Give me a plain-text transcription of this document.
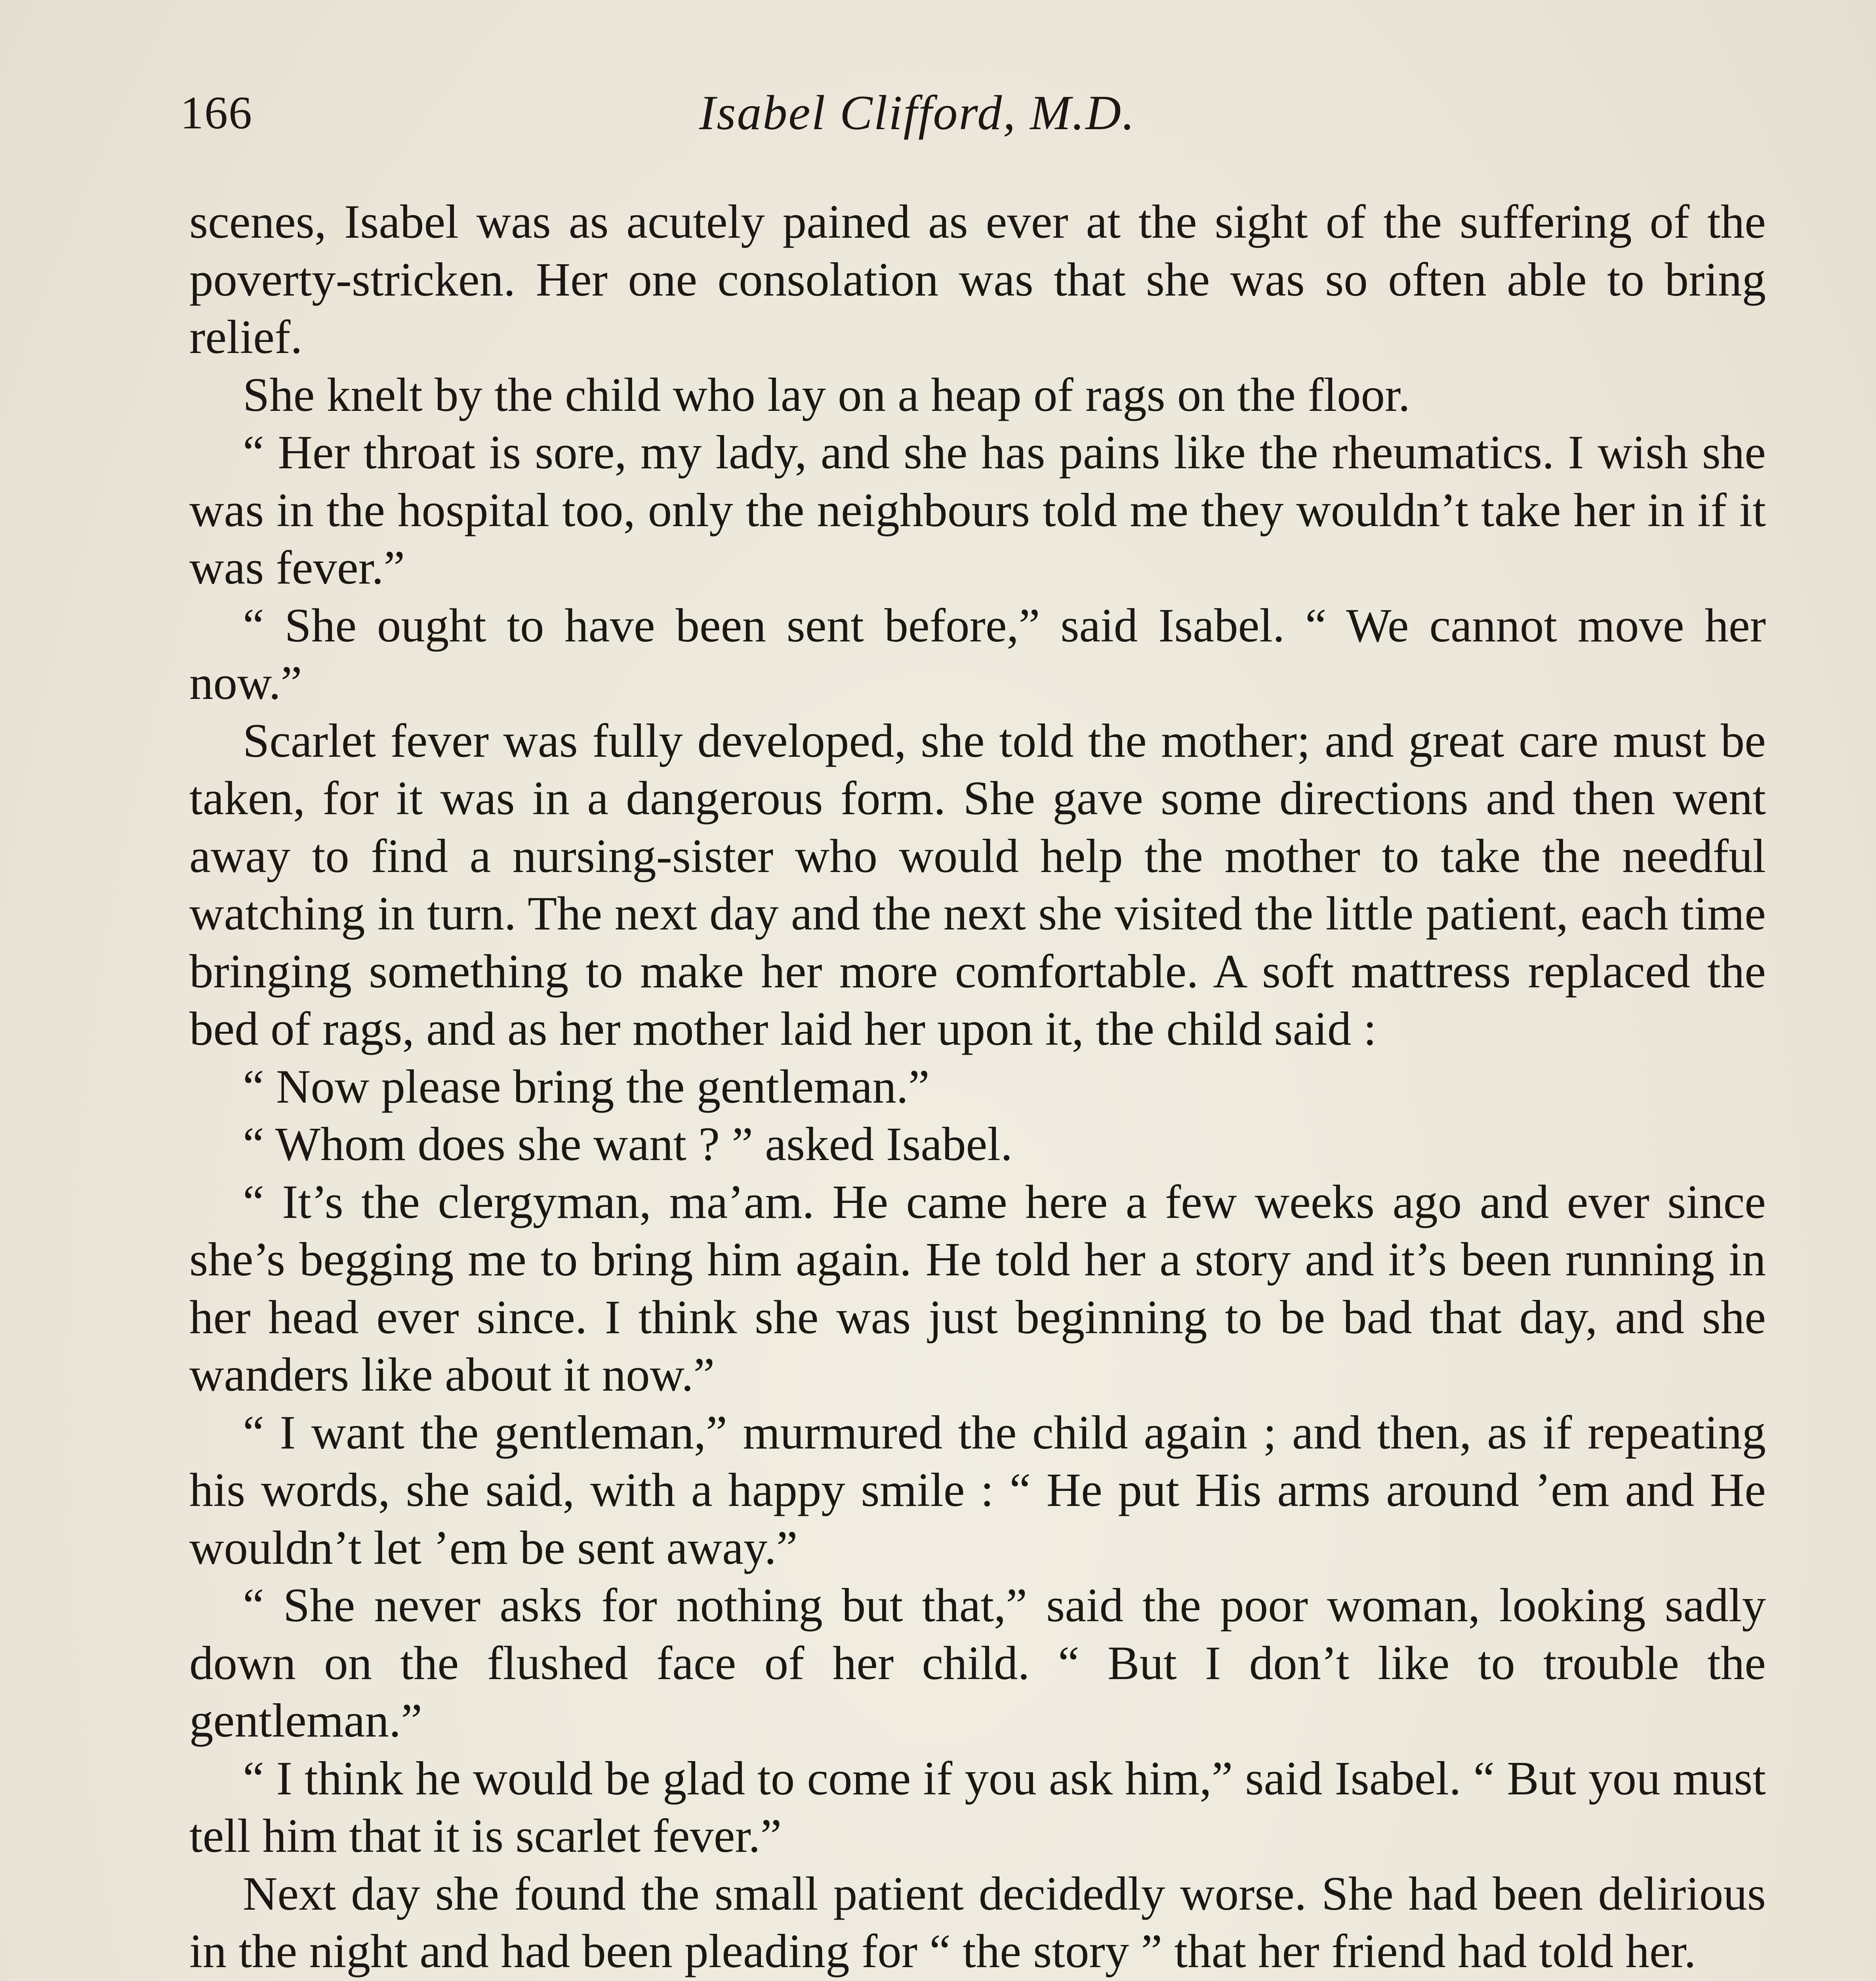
166	Isabel Clifford, M.D.

scenes, Isabel was as acutely pained as ever at the sight of the suffering of the poverty-stricken. Her one consolation was that she was so often able to bring relief.

She knelt by the child who lay on a heap of rags on the floor.

“ Her throat is sore, my lady, and she has pains like the rheumatics. I wish she was in the hospital too, only the neighbours told me they wouldn’t take her in if it was fever.”

“ She ought to have been sent before,” said Isabel. “ We cannot move her now.”

Scarlet fever was fully developed, she told the mother; and great care must be taken, for it was in a dangerous form. She gave some directions and then went away to find a nursing-sister who would help the mother to take the needful watching in turn. The next day and the next she visited the little patient, each time bringing something to make her more comfortable. A soft mattress replaced the bed of rags, and as her mother laid her upon it, the child said :

“ Now please bring the gentleman.”

“ Whom does she want ? ” asked Isabel.

“ It’s the clergyman, ma’am. He came here a few weeks ago and ever since she’s begging me to bring him again. He told her a story and it’s been running in her head ever since. I think she was just beginning to be bad that day, and she wanders like about it now.”

“ I want the gentleman,” murmured the child again ; and then, as if repeating his words, she said, with a happy smile : “ He put His arms around ’em and He wouldn’t let ’em be sent away.”

“ She never asks for nothing but that,” said the poor woman, looking sadly down on the flushed face of her child. “ But I don’t like to trouble the gentleman.”

“ I think he would be glad to come if you ask him,” said Isabel. “ But you must tell him that it is scarlet fever.”

Next day she found the small patient decidedly worse. She had been delirious in the night and had been pleading for “ the story ” that her friend had told her.
